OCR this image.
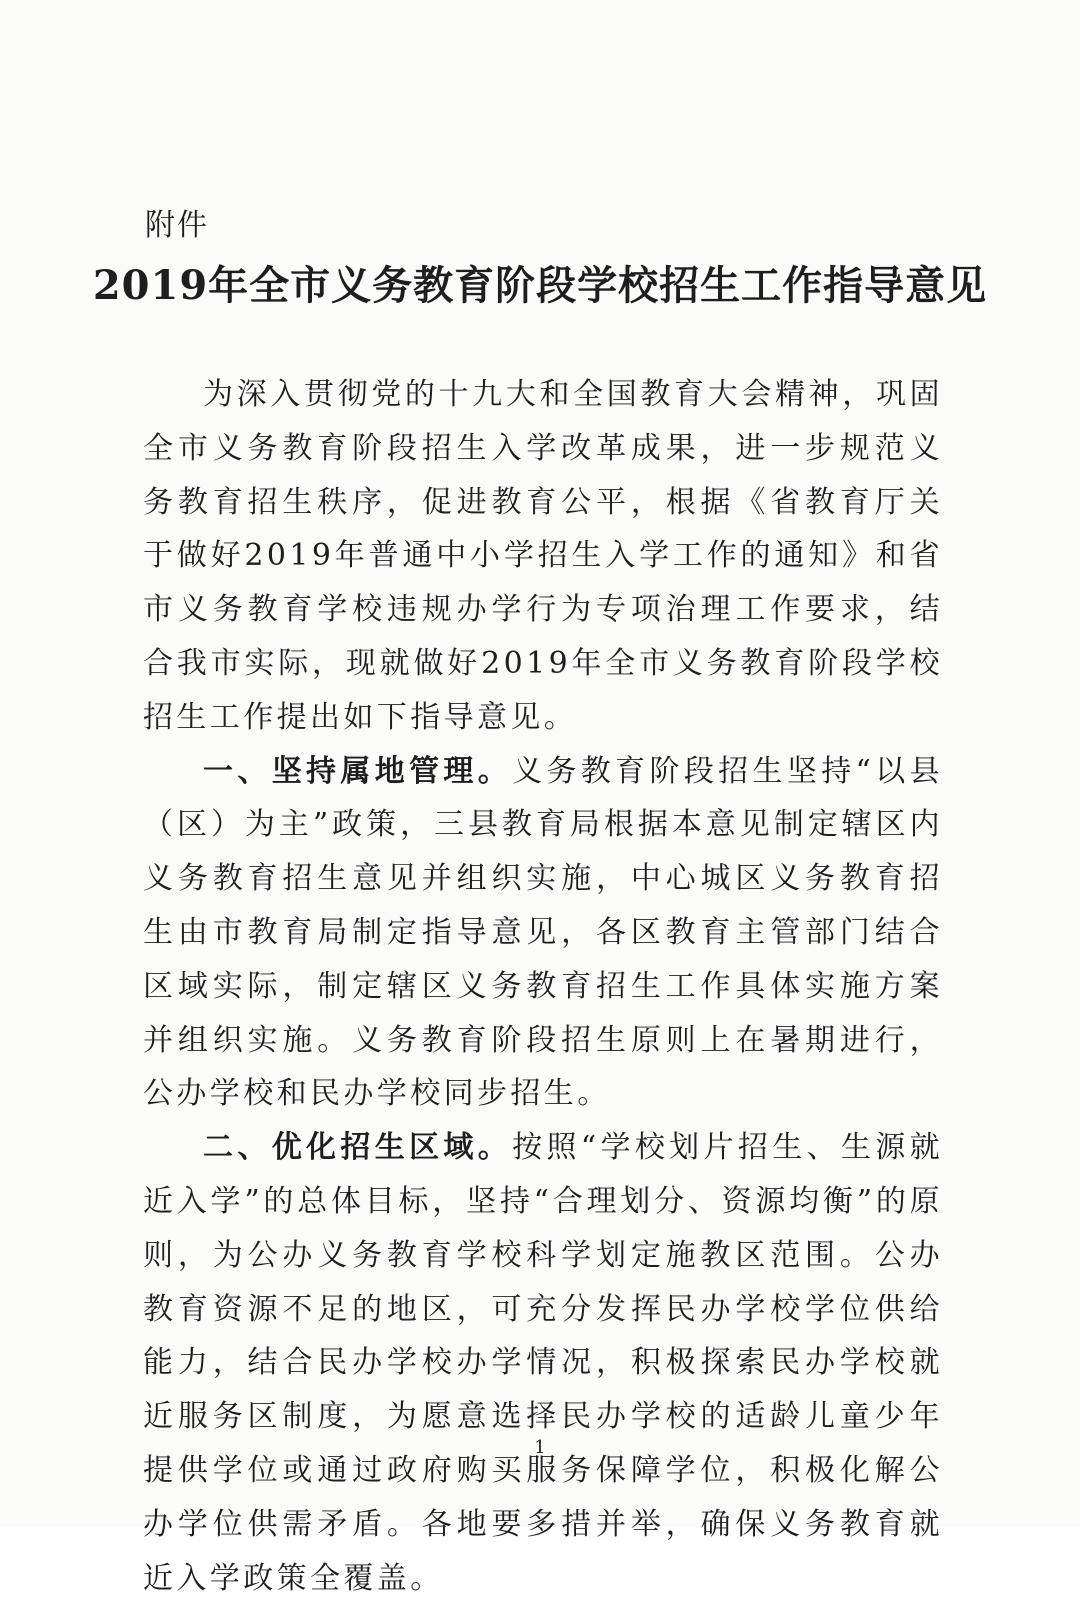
附件
2019年全市义务教育阶段学校招生工作指导意见

为深入贯彻党的十九大和全国教育大会精神，巩固全市义务教育阶段招生入学改革成果，进一步规范义务教育招生秩序，促进教育公平，根据《省教育厅关于做好2019年普通中小学招生入学工作的通知》和省市义务教育学校违规办学行为专项治理工作要求，结合我市实际，现就做好2019年全市义务教育阶段学校招生工作提出如下指导意见。

一、坚持属地管理。义务教育阶段招生坚持“以县（区）为主”政策，三县教育局根据本意见制定辖区内义务教育招生意见并组织实施，中心城区义务教育招生由市教育局制定指导意见，各区教育主管部门结合区域实际，制定辖区义务教育招生工作具体实施方案并组织实施。义务教育阶段招生原则上在暑期进行，公办学校和民办学校同步招生。

二、优化招生区域。按照“学校划片招生、生源就近入学”的总体目标，坚持“合理划分、资源均衡”的原则，为公办义务教育学校科学划定施教区范围。公办教育资源不足的地区，可充分发挥民办学校学位供给能力，结合民办学校办学情况，积极探索民办学校就近服务区制度，为愿意选择民办学校的适龄儿童少年提供学位或通过政府购买服务保障学位，积极化解公办学位供需矛盾。各地要多措并举，确保义务教育就近入学政策全覆盖。

1
